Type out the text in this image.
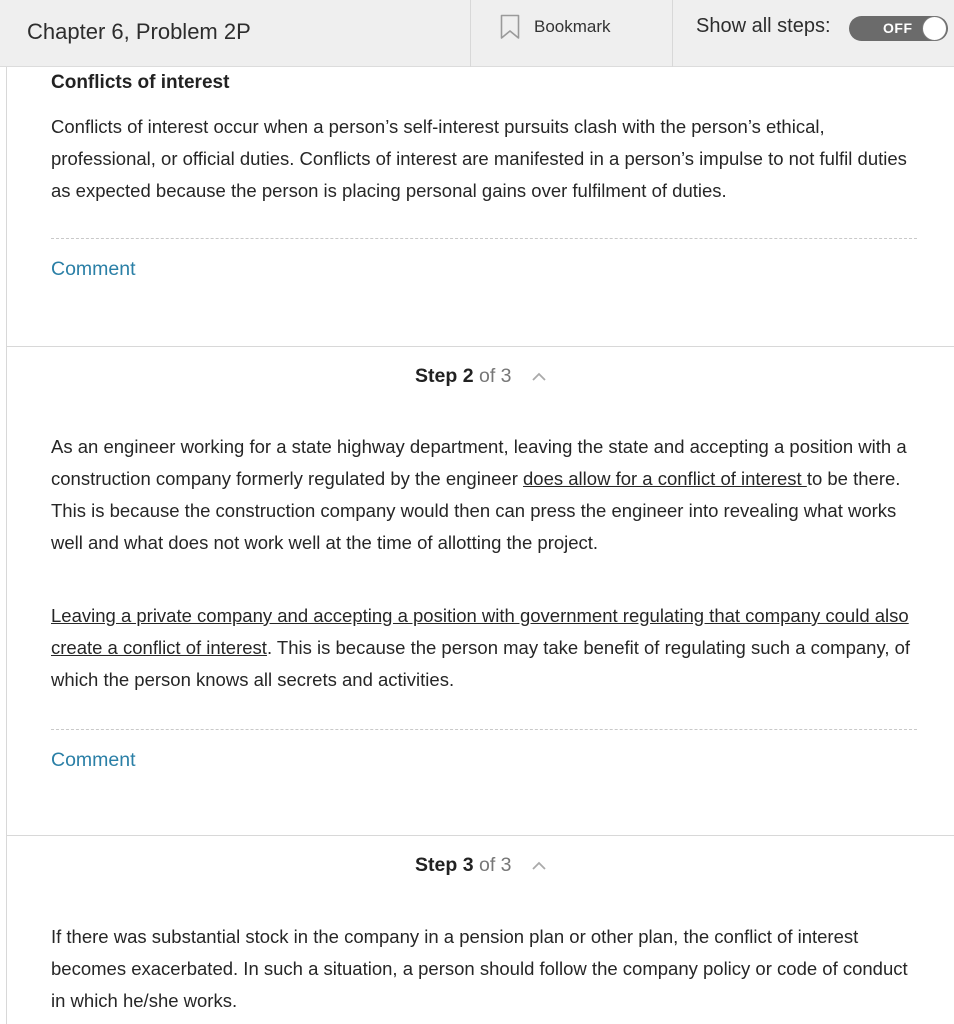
Chapter 6, Problem 2P	Bookmark	Show all steps:	OFF
Conflicts of interest
Conflicts of interest occur when a person’s self-interest pursuits clash with the person’s ethical, professional, or official duties. Conflicts of interest are manifested in a person’s impulse to not fulfil duties as expected because the person is placing personal gains over fulfilment of duties.
Comment
Step 2 of 3
As an engineer working for a state highway department, leaving the state and accepting a position with a construction company formerly regulated by the engineer does allow for a conflict of interest to be there. This is because the construction company would then can press the engineer into revealing what works well and what does not work well at the time of allotting the project.
Leaving a private company and accepting a position with government regulating that company could also create a conflict of interest. This is because the person may take benefit of regulating such a company, of which the person knows all secrets and activities.
Comment
Step 3 of 3
If there was substantial stock in the company in a pension plan or other plan, the conflict of interest becomes exacerbated. In such a situation, a person should follow the company policy or code of conduct in which he/she works.
